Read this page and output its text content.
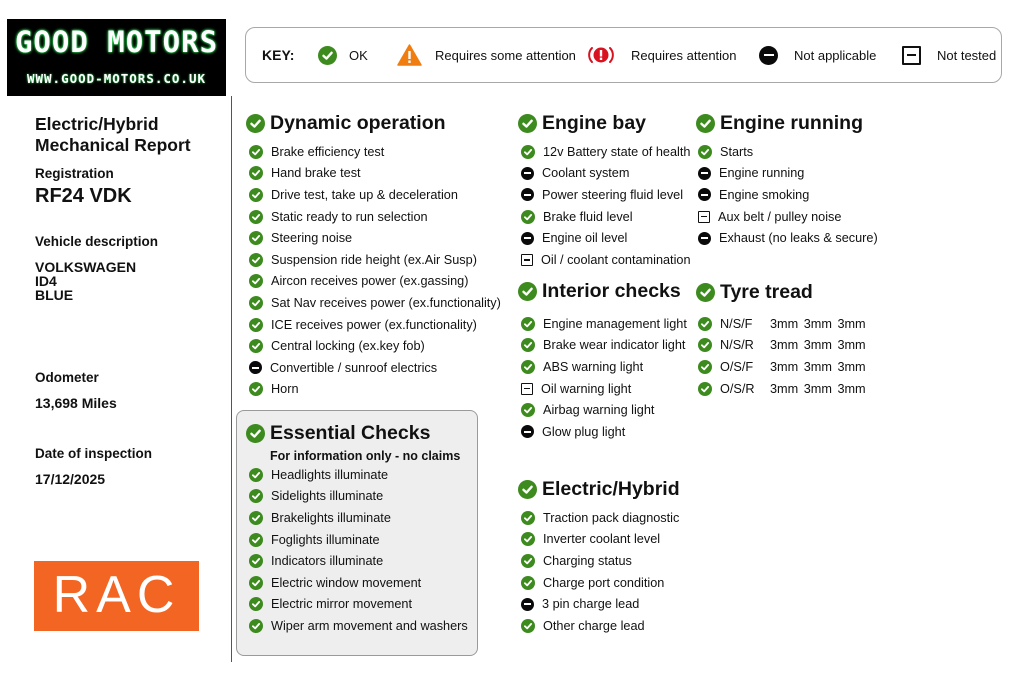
GOOD MOTORS
WWW.GOOD-MOTORS.CO.UK
KEY:	OK	Requires some attention	Requires attention	Not applicable	Not tested
Electric/Hybrid
Mechanical Report
Registration
RF24 VDK
Vehicle description
VOLKSWAGEN
ID4
BLUE
Odometer
13,698 Miles
Date of inspection
17/12/2025
RAC
Dynamic operation
Brake efficiency test
Hand brake test
Drive test, take up & deceleration
Static ready to run selection
Steering noise
Suspension ride height (ex.Air Susp)
Aircon receives power (ex.gassing)
Sat Nav receives power (ex.functionality)
ICE receives power (ex.functionality)
Central locking (ex.key fob)
Convertible / sunroof electrics
Horn
Essential Checks
For information only - no claims
Headlights illuminate
Sidelights illuminate
Brakelights illuminate
Foglights illuminate
Indicators illuminate
Electric window movement
Electric mirror movement
Wiper arm movement and washers
Engine bay
12v Battery state of health
Coolant system
Power steering fluid level
Brake fluid level
Engine oil level
Oil / coolant contamination
Interior checks
Engine management light
Brake wear indicator light
ABS warning light
Oil warning light
Airbag warning light
Glow plug light
Electric/Hybrid
Traction pack diagnostic
Inverter coolant level
Charging status
Charge port condition
3 pin charge lead
Other charge lead
Engine running
Starts
Engine running
Engine smoking
Aux belt / pulley noise
Exhaust (no leaks & secure)
Tyre tread
N/S/F	3mm 3mm 3mm
N/S/R	3mm 3mm 3mm
O/S/F	3mm 3mm 3mm
O/S/R	3mm 3mm 3mm
